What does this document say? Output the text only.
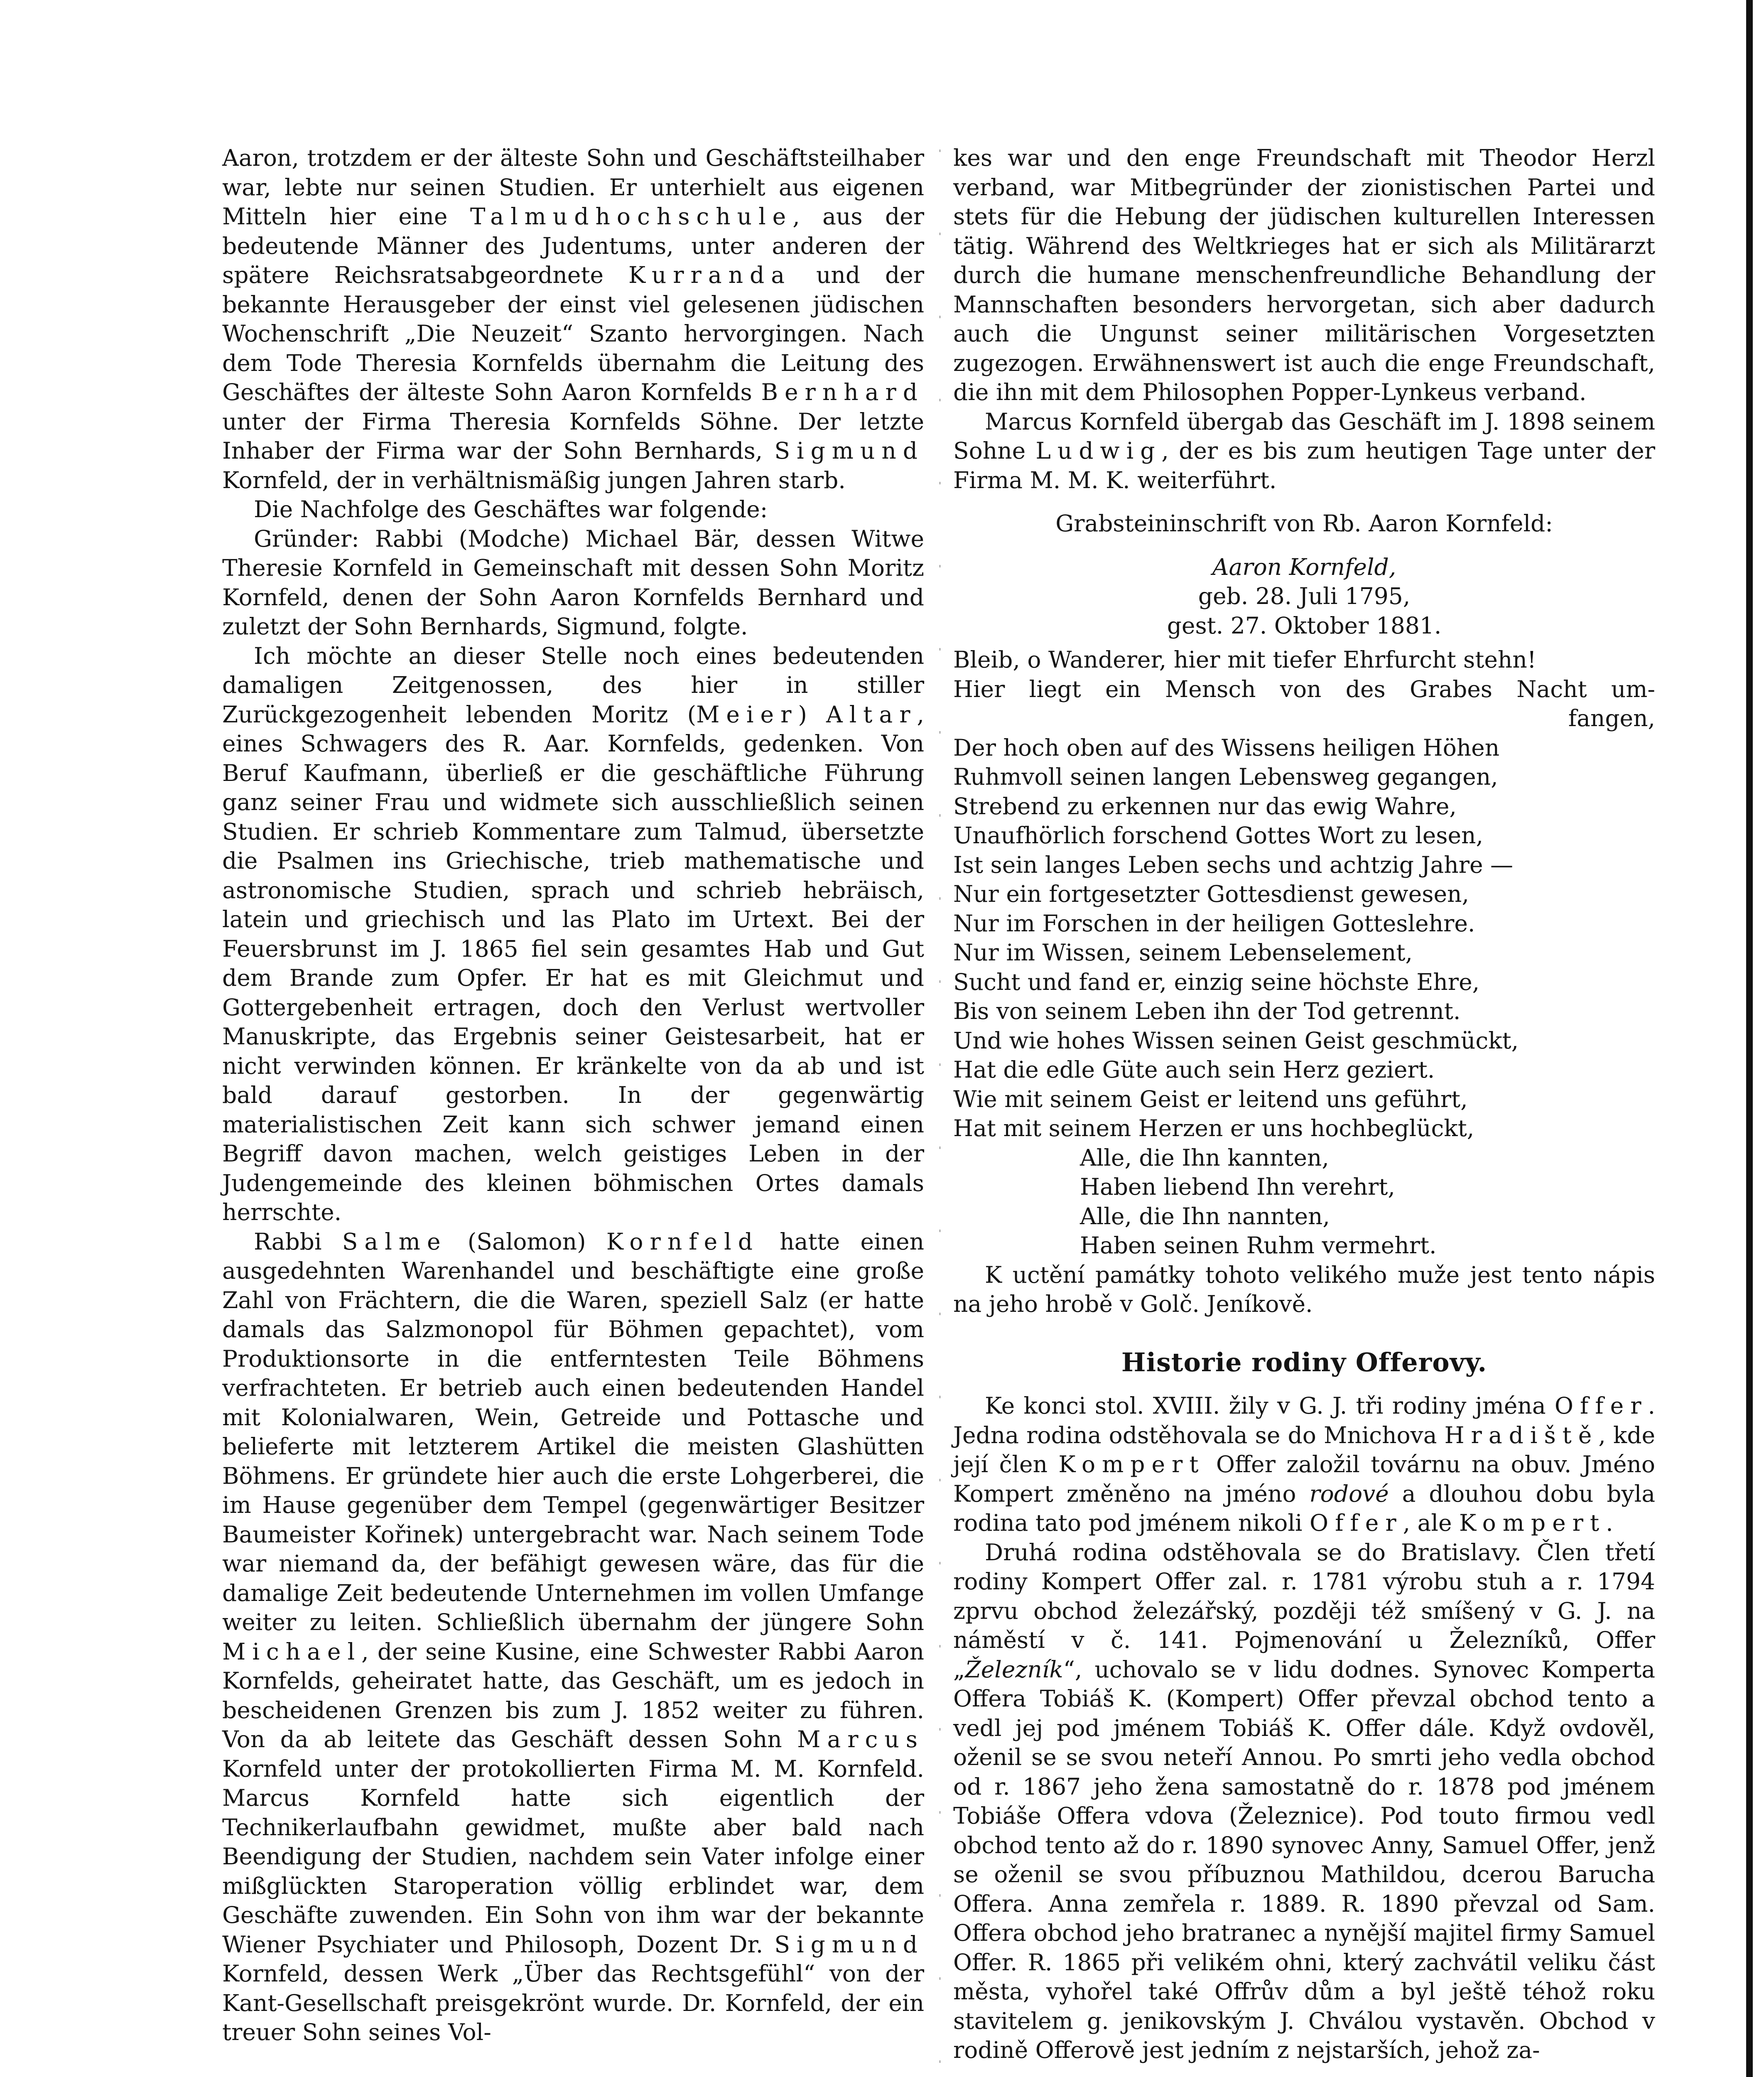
Aaron, trotzdem er der älteste Sohn und Geschäftsteilhaber war, lebte nur seinen Studien. Er unterhielt aus eigenen Mitteln hier eine Talmudhochschule, aus der bedeutende Männer des Judentums, unter anderen der spätere Reichsratsabgeordnete Kurranda und der bekannte Herausgeber der einst viel gelesenen jüdischen Wochenschrift „Die Neuzeit“ Szanto hervorgingen. Nach dem Tode Theresia Kornfelds übernahm die Leitung des Geschäftes der älteste Sohn Aaron Kornfelds Bernhard unter der Firma Theresia Kornfelds Söhne. Der letzte Inhaber der Firma war der Sohn Bernhards, Sigmund Kornfeld, der in verhältnismäßig jungen Jahren starb.

Die Nachfolge des Geschäftes war folgende:

Gründer: Rabbi (Modche) Michael Bär, dessen Witwe Theresie Kornfeld in Gemeinschaft mit dessen Sohn Moritz Kornfeld, denen der Sohn Aaron Kornfelds Bernhard und zuletzt der Sohn Bernhards, Sigmund, folgte.

Ich möchte an dieser Stelle noch eines bedeutenden damaligen Zeitgenossen, des hier in stiller Zurückgezogenheit lebenden Moritz (Meier) Altar, eines Schwagers des R. Aar. Kornfelds, gedenken. Von Beruf Kaufmann, überließ er die geschäftliche Führung ganz seiner Frau und widmete sich ausschließlich seinen Studien. Er schrieb Kommentare zum Talmud, übersetzte die Psalmen ins Griechische, trieb mathematische und astronomische Studien, sprach und schrieb hebräisch, latein und griechisch und las Plato im Urtext. Bei der Feuersbrunst im J. 1865 fiel sein gesamtes Hab und Gut dem Brande zum Opfer. Er hat es mit Gleichmut und Gottergebenheit ertragen, doch den Verlust wertvoller Manuskripte, das Ergebnis seiner Geistesarbeit, hat er nicht verwinden können. Er kränkelte von da ab und ist bald darauf gestorben. In der gegenwärtig materialistischen Zeit kann sich schwer jemand einen Begriff davon machen, welch geistiges Leben in der Judengemeinde des kleinen böhmischen Ortes damals herrschte.

Rabbi Salme (Salomon) Kornfeld hatte einen ausgedehnten Warenhandel und beschäftigte eine große Zahl von Frächtern, die die Waren, speziell Salz (er hatte damals das Salzmonopol für Böhmen gepachtet), vom Produktionsorte in die entferntesten Teile Böhmens verfrachteten. Er betrieb auch einen bedeutenden Handel mit Kolonialwaren, Wein, Getreide und Pottasche und belieferte mit letzterem Artikel die meisten Glashütten Böhmens. Er gründete hier auch die erste Lohgerberei, die im Hause gegenüber dem Tempel (gegenwärtiger Besitzer Baumeister Kořinek) untergebracht war. Nach seinem Tode war niemand da, der befähigt gewesen wäre, das für die damalige Zeit bedeutende Unternehmen im vollen Umfange weiter zu leiten. Schließlich übernahm der jüngere Sohn Michael, der seine Kusine, eine Schwester Rabbi Aaron Kornfelds, geheiratet hatte, das Geschäft, um es jedoch in bescheidenen Grenzen bis zum J. 1852 weiter zu führen. Von da ab leitete das Geschäft dessen Sohn Marcus Kornfeld unter der protokollierten Firma M. M. Kornfeld. Marcus Kornfeld hatte sich eigentlich der Technikerlaufbahn gewidmet, mußte aber bald nach Beendigung der Studien, nachdem sein Vater infolge einer mißglückten Staroperation völlig erblindet war, dem Geschäfte zuwenden. Ein Sohn von ihm war der bekannte Wiener Psychiater und Philosoph, Dozent Dr. Sigmund Kornfeld, dessen Werk „Über das Rechtsgefühl“ von der Kant-Gesellschaft preisgekrönt wurde. Dr. Kornfeld, der ein treuer Sohn seines Vol-

kes war und den enge Freundschaft mit Theodor Herzl verband, war Mitbegründer der zionistischen Partei und stets für die Hebung der jüdischen kulturellen Interessen tätig. Während des Weltkrieges hat er sich als Militärarzt durch die humane menschenfreundliche Behandlung der Mannschaften besonders hervorgetan, sich aber dadurch auch die Ungunst seiner militärischen Vorgesetzten zugezogen. Erwähnenswert ist auch die enge Freundschaft, die ihn mit dem Philosophen Popper-Lynkeus verband.

Marcus Kornfeld übergab das Geschäft im J. 1898 seinem Sohne Ludwig, der es bis zum heutigen Tage unter der Firma M. M. K. weiterführt.

Grabsteininschrift von Rb. Aaron Kornfeld:

Aaron Kornfeld,

geb. 28. Juli 1795,

gest. 27. Oktober 1881.

Bleib, o Wanderer, hier mit tiefer Ehrfurcht stehn!
Hier liegt ein Mensch von des Grabes Nacht um-
fangen,
Der hoch oben auf des Wissens heiligen Höhen
Ruhmvoll seinen langen Lebensweg gegangen,
Strebend zu erkennen nur das ewig Wahre,
Unaufhörlich forschend Gottes Wort zu lesen,
Ist sein langes Leben sechs und achtzig Jahre —
Nur ein fortgesetzter Gottesdienst gewesen,
Nur im Forschen in der heiligen Gotteslehre.
Nur im Wissen, seinem Lebenselement,
Sucht und fand er, einzig seine höchste Ehre,
Bis von seinem Leben ihn der Tod getrennt.
Und wie hohes Wissen seinen Geist geschmückt,
Hat die edle Güte auch sein Herz geziert.
Wie mit seinem Geist er leitend uns geführt,
Hat mit seinem Herzen er uns hochbeglückt,
Alle, die Ihn kannten,
Haben liebend Ihn verehrt,
Alle, die Ihn nannten,
Haben seinen Ruhm vermehrt.

K uctění památky tohoto velikého muže jest tento nápis na jeho hrobě v Golč. Jeníkově.

Historie rodiny Offerovy.

Ke konci stol. XVIII. žily v G. J. tři rodiny jména Offer. Jedna rodina odstěhovala se do Mnichova Hradiště, kde její člen Kompert Offer založil továrnu na obuv. Jméno Kompert změněno na jméno rodové a dlouhou dobu byla rodina tato pod jménem nikoli Offer, ale Kompert.

Druhá rodina odstěhovala se do Bratislavy. Člen třetí rodiny Kompert Offer zal. r. 1781 výrobu stuh a r. 1794 zprvu obchod železářský, později též smíšený v G. J. na náměstí v č. 141. Pojmenování u Železníků, Offer „Železník“, uchovalo se v lidu dodnes. Synovec Komperta Offera Tobiáš K. (Kompert) Offer převzal obchod tento a vedl jej pod jménem Tobiáš K. Offer dále. Když ovdověl, oženil se se svou neteří Annou. Po smrti jeho vedla obchod od r. 1867 jeho žena samostatně do r. 1878 pod jménem Tobiáše Offera vdova (Železnice). Pod touto firmou vedl obchod tento až do r. 1890 synovec Anny, Samuel Offer, jenž se oženil se svou příbuznou Mathildou, dcerou Barucha Offera. Anna zemřela r. 1889. R. 1890 převzal od Sam. Offera obchod jeho bratranec a nynější majitel firmy Samuel Offer. R. 1865 při velikém ohni, který zachvátil veliku část města, vyhořel také Offrův dům a byl ještě téhož roku stavitelem g. jenikovským J. Chválou vystavěn. Obchod v rodině Offerově jest jedním z nejstarších, jehož za-
